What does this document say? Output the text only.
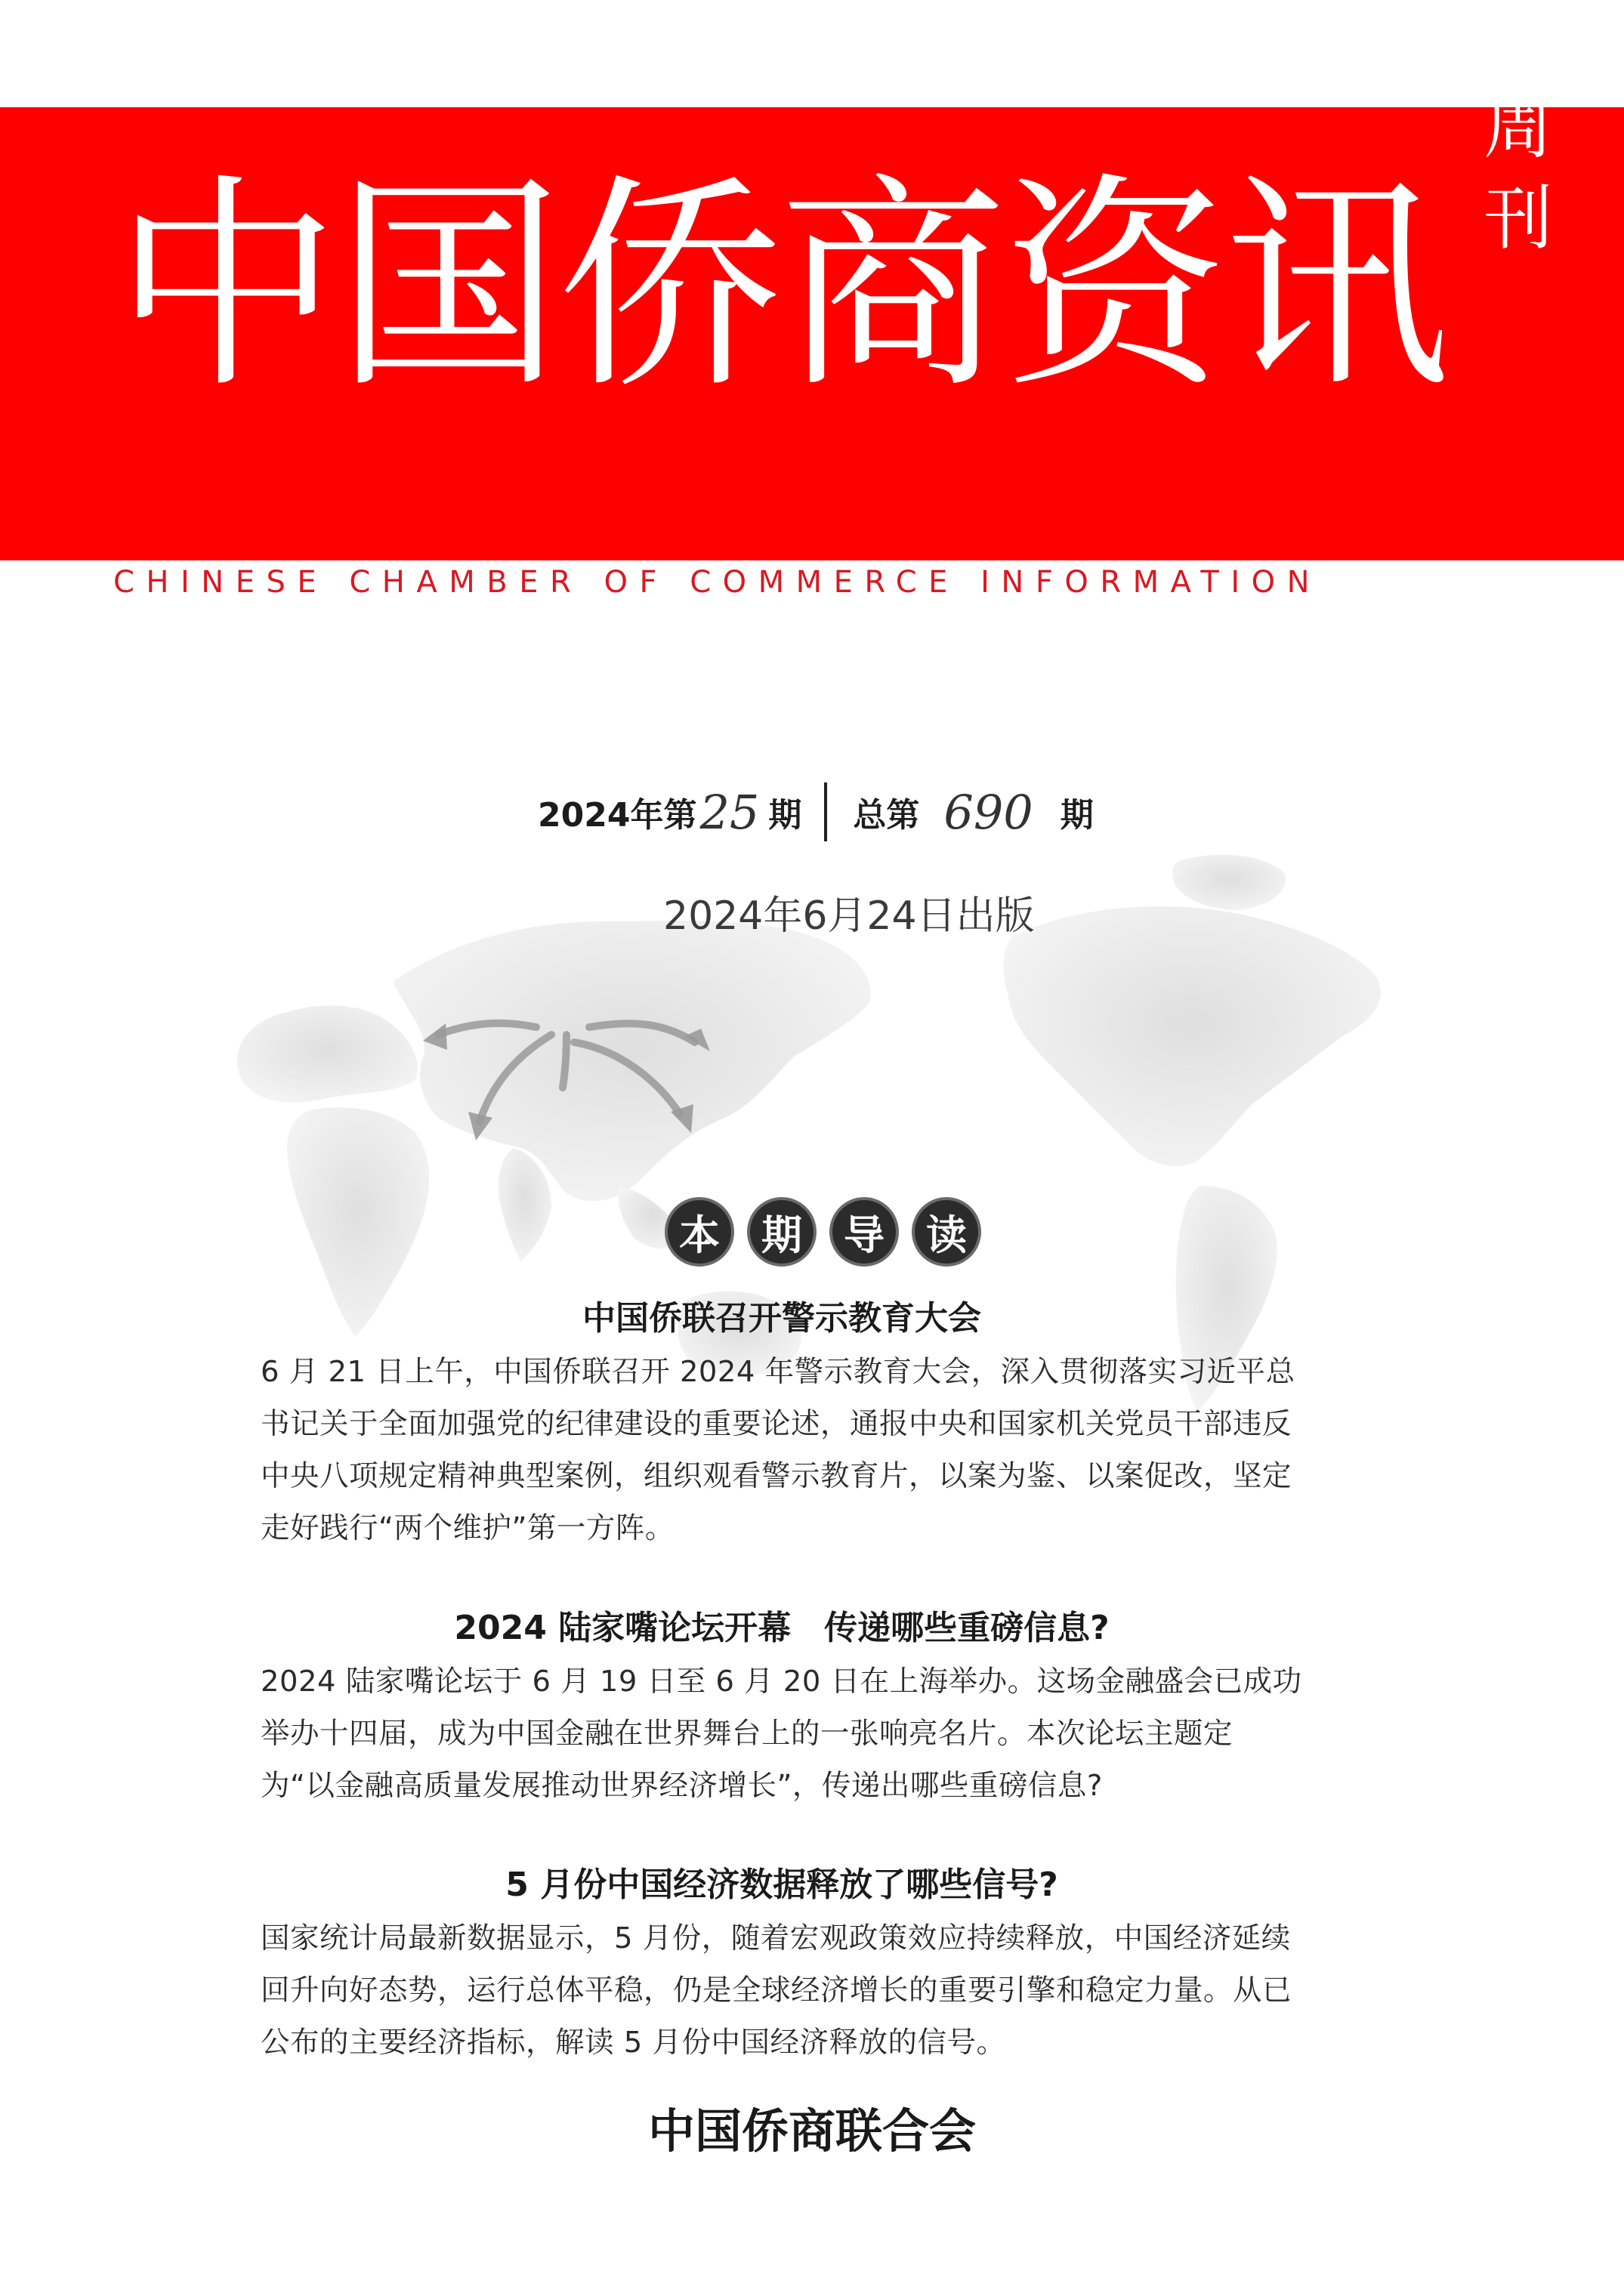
中国侨商资讯
周
刊
CHINESE CHAMBER OF COMMERCE INFORMATION
2024年第 25 期 总第 690 期
2024年6月24日出版
本	期	导	读
中国侨联召开警示教育大会
6 月 21 日上午，中国侨联召开 2024 年警示教育大会，深入贯彻落实习近平总书记关于全面加强党的纪律建设的重要论述，通报中央和国家机关党员干部违反中央八项规定精神典型案例，组织观看警示教育片，以案为鉴、以案促改，坚定走好践行“两个维护”第一方阵。
2024 陆家嘴论坛开幕　传递哪些重磅信息?
2024 陆家嘴论坛于 6 月 19 日至 6 月 20 日在上海举办。这场金融盛会已成功举办十四届，成为中国金融在世界舞台上的一张响亮名片。本次论坛主题定为“以金融高质量发展推动世界经济增长”，传递出哪些重磅信息?
5 月份中国经济数据释放了哪些信号?
国家统计局最新数据显示，5 月份，随着宏观政策效应持续释放，中国经济延续回升向好态势，运行总体平稳，仍是全球经济增长的重要引擎和稳定力量。从已公布的主要经济指标，解读 5 月份中国经济释放的信号。
中国侨商联合会
